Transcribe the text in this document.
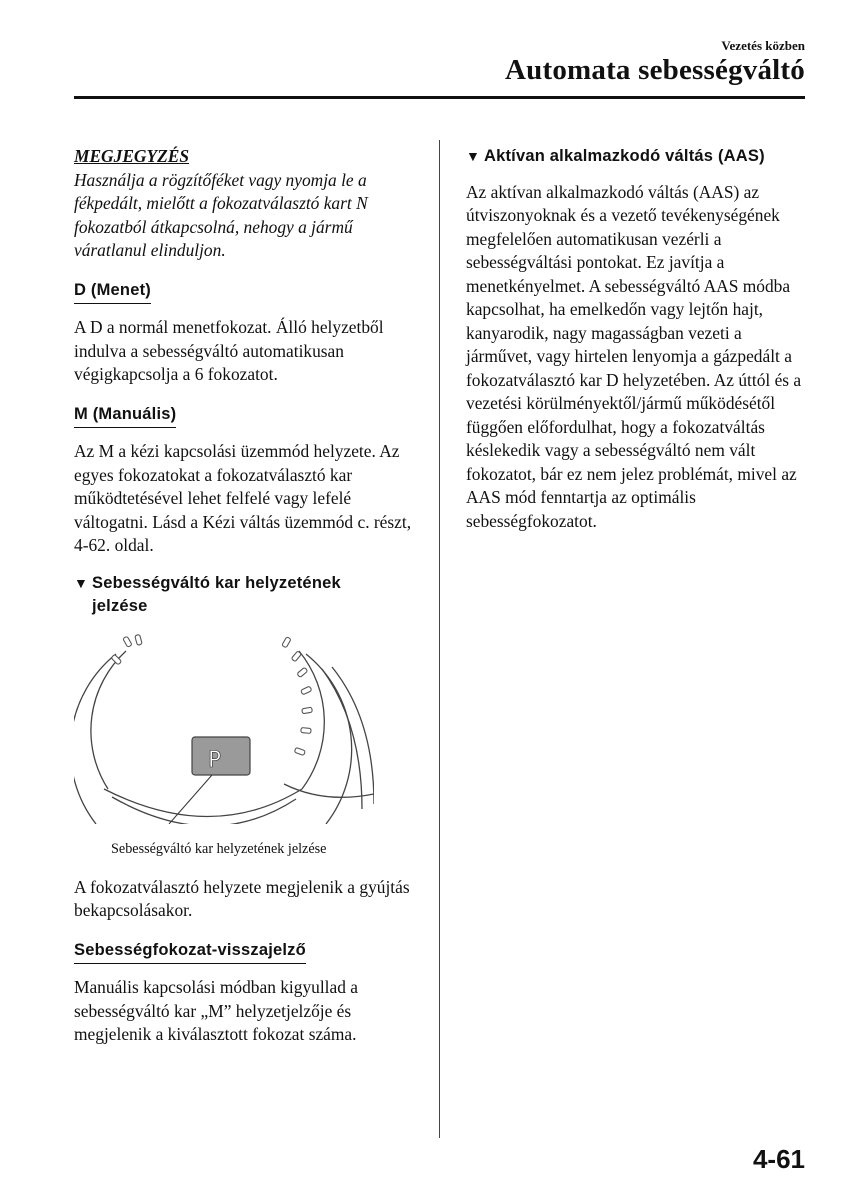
Vezetés közben
Automata sebességváltó

MEGJEGYZÉS

Használja a rögzítőféket vagy nyomja le a fékpedált, mielőtt a fokozatválasztó kart N fokozatból átkapcsolná, nehogy a jármű váratlanul elinduljon.

D (Menet)

A D a normál menetfokozat. Álló helyzetből indulva a sebességváltó automatikusan végigkapcsolja a 6 fokozatot.

M (Manuális)

Az M a kézi kapcsolási üzemmód helyzete. Az egyes fokozatokat a fokozatválasztó kar működtetésével lehet felfelé vagy lefelé váltogatni. Lásd a Kézi váltás üzemmód c. részt, 4-62. oldal.

▼ Sebességváltó kar helyzetének
jelzése
P
Sebességváltó kar helyzetének jelzése

A fokozatválasztó helyzete megjelenik a gyújtás bekapcsolásakor.

Sebességfokozat-visszajelző

Manuális kapcsolási módban kigyullad a sebességváltó kar „M” helyzetjelzője és megjelenik a kiválasztott fokozat száma.

▼ Aktívan alkalmazkodó váltás (AAS)

Az aktívan alkalmazkodó váltás (AAS) az útviszonyoknak és a vezető tevékenységének megfelelően automatikusan vezérli a sebességváltási pontokat. Ez javítja a menetkényelmet. A sebességváltó AAS módba kapcsolhat, ha emelkedőn vagy lejtőn hajt, kanyarodik, nagy magasságban vezeti a járművet, vagy hirtelen lenyomja a gázpedált a fokozatválasztó kar D helyzetében. Az úttól és a vezetési körülményektől/jármű működésétől függően előfordulhat, hogy a fokozatváltás késlekedik vagy a sebességváltó nem vált fokozatot, bár ez nem jelez problémát, mivel az AAS mód fenntartja az optimális sebességfokozatot.

4-61
